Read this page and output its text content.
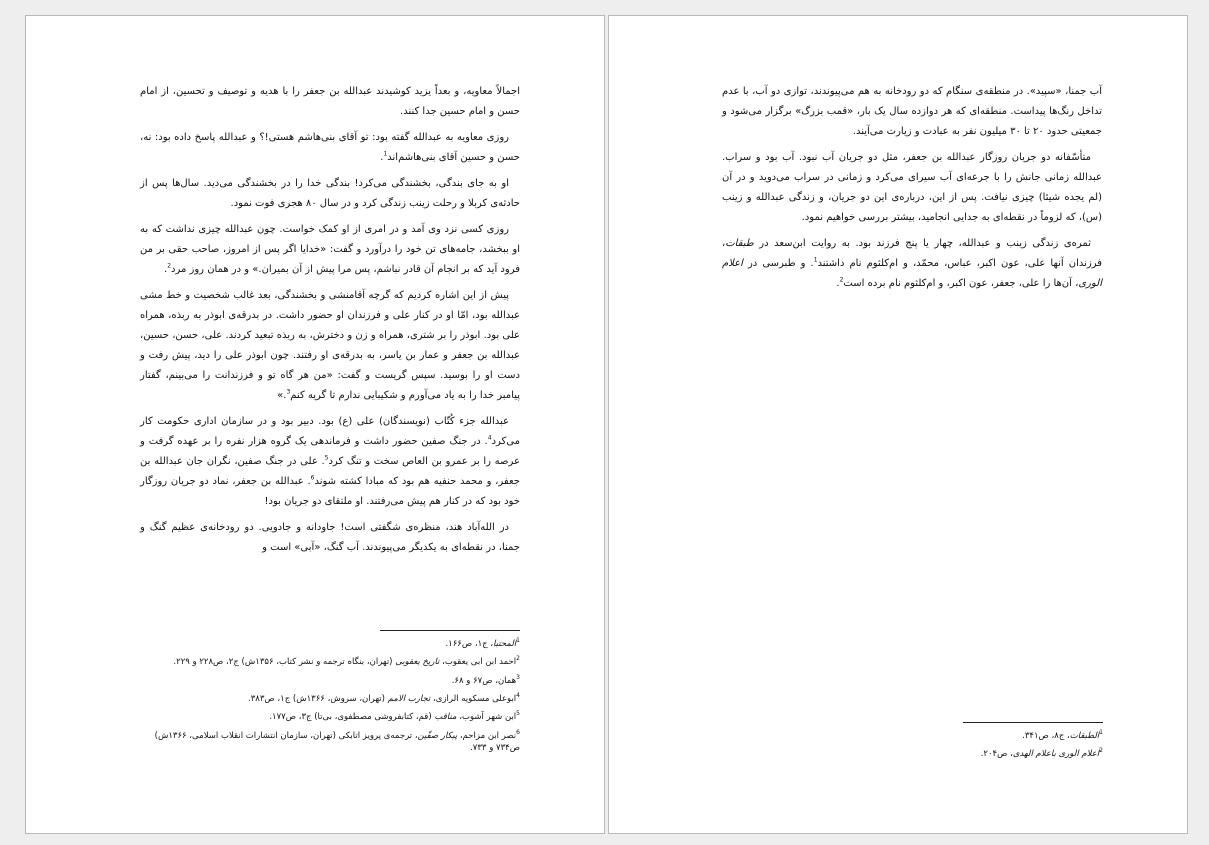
اجمالاً معاویه، و بعداً یزید کوشیدند عبدالله بن جعفر را با هدیه و توصیف و تحسین، از امام حسن و امام حسین جدا کنند.

روزی معاویه به عبدالله گفته بود: تو آقای بنی‌هاشم هستی!؟ و عبدالله پاسخ داده بود: نه، حسن و حسین آقای بنی‌هاشم‌اند$^1$.

او به جای بندگی، بخشندگی می‌کرد! بندگی خدا را در بخشندگی می‌دید. سال‌ها پس از حادثه‌ی کربلا و رحلت زینب زندگی کرد و در سال ۸۰ هجری فوت نمود.

روزی کسی نزد وی آمد و در امری از او کمک خواست. چون عبدالله چیزی نداشت که به او ببخشد، جامه‌های تن خود را درآورد و گفت: «خدایا اگر پس از امروز، صاحب حقی بر من فرود آید که بر انجام آن قادر نباشم، پس مرا پیش از آن بمیران.» و در همان روز مرد$^2$.

پیش از این اشاره کردیم که گرچه آقامنشی و بخشندگی، بعد غالب شخصیت و خط مشی عبدالله بود، امّا او در کنار علی و فرزندان او حضور داشت. در بدرقه‌ی ابوذر به ربذه، همراه علی بود. ابوذر را بر شتری، همراه و زن و دخترش، به ربذه تبعید کردند. علی، حسن، حسین، عبدالله بن جعفر و عمار بن یاسر، به بدرقه‌ی او رفتند. چون ابوذر علی را دید، پیش رفت و دست او را بوسید. سپس گریست و گفت: «من هر گاه تو و فرزندانت را می‌بینم، گفتار پیامبر خدا را به یاد می‌آورم و شکیبایی ندارم تا گریه کنم$^3$.»

عبدالله جزء کُتّاب (نویسندگان) علی (ع) بود. دبیر بود و در سازمان اداری حکومت کار می‌کرد$^4$. در جنگ صفین حضور داشت و فرماندهی یک گروه هزار نفره را بر عهده گرفت و عرصه را بر عمرو بن العاص سخت و تنگ کرد$^5$. علی در جنگ صفین، نگران جان عبدالله بن جعفر، و محمد حنفیه هم بود که مبادا کشته شوند$^6$. عبدالله بن جعفر، نماد دو جریان روزگار خود بود که در کنار هم پیش می‌رفتند. او ملتقای دو جریان بود!

در الله‌آباد هند، منظره‌ی شگفتی است! جاودانه و جادویی. دو رودخانه‌ی عظیم گنگ و جمنا، در نقطه‌ای به یکدیگر می‌پیوندند. آب گنگ، «آبی» است و

$^1$المحتبا، ج۱، ص۱۶۶.
$^2$احمد ابن ابی یعقوب، تاریخ یعقوبی (تهران، بنگاه ترجمه و نشر کتاب، ۱۳۵۶ش) ج۲، ص۲۲۸ و ۲۲۹.
$^3$همان، ص۶۷ و ۶۸.
$^4$ابوعلی مسکویه الرازی، تجارب الامم (تهران، سروش، ۱۳۶۶ش) ج۱، ص۳۸۳.
$^5$ابن شهر آشوب، مناقب (قم، کتابفروشی مصطفوی، بی‌تا) ج۳، ص۱۷۷.
$^6$نصر ابن مزاحم، پیکار صفّین، ترجمه‌ی پرویز اتابکی (تهران، سازمان انتشارات انقلاب اسلامی، ۱۳۶۶ش) ص۷۳۴ و ۷۳۳.

آب جمنا، «سپید». در منطقه‌ی سنگام که دو رودخانه به هم می‌پیوندند، توازی دو آب، با عدم تداخل رنگ‌ها پیداست. منطقه‌ای که هر دوازده سال یک بار، «قمب بزرگ» برگزار می‌شود و جمعیتی حدود ۲۰ تا ۳۰ میلیون نفر به عبادت و زیارت می‌آیند.

متأسّفانه دو جریان روزگار عبدالله بن جعفر، مثل دو جریان آب نبود. آب بود و سراب. عبدالله زمانی جانش را با جرعه‌ای آب سیرای می‌کرد و زمانی در سراب می‌دوید و در آن (لم یجده شیئا) چیزی نیافت. پس از این، درباره‌ی این دو جریان، و زندگی عبدالله و زینب (س)، که لزوماً در نقطه‌ای به جدایی انجامید، بیشتر بررسی خواهیم نمود.

ثمره‌ی زندگی زینب و عبدالله، چهار یا پنج فرزند بود. به روایت ابن‌سعد در طبقات، فرزندان آنها علی، عون اکبر، عباس، محمّد، و ام‌کلثوم نام داشتند$^1$. و طبرسی در اعلام الوری، آن‌ها را علی، جعفر، عون اکبر، و ام‌کلثوم نام برده است$^2$.

$^1$الطبقات، ج۸، ص۳۴۱.
$^2$اعلام الوری باعلام الهدی، ص۲۰۴.
